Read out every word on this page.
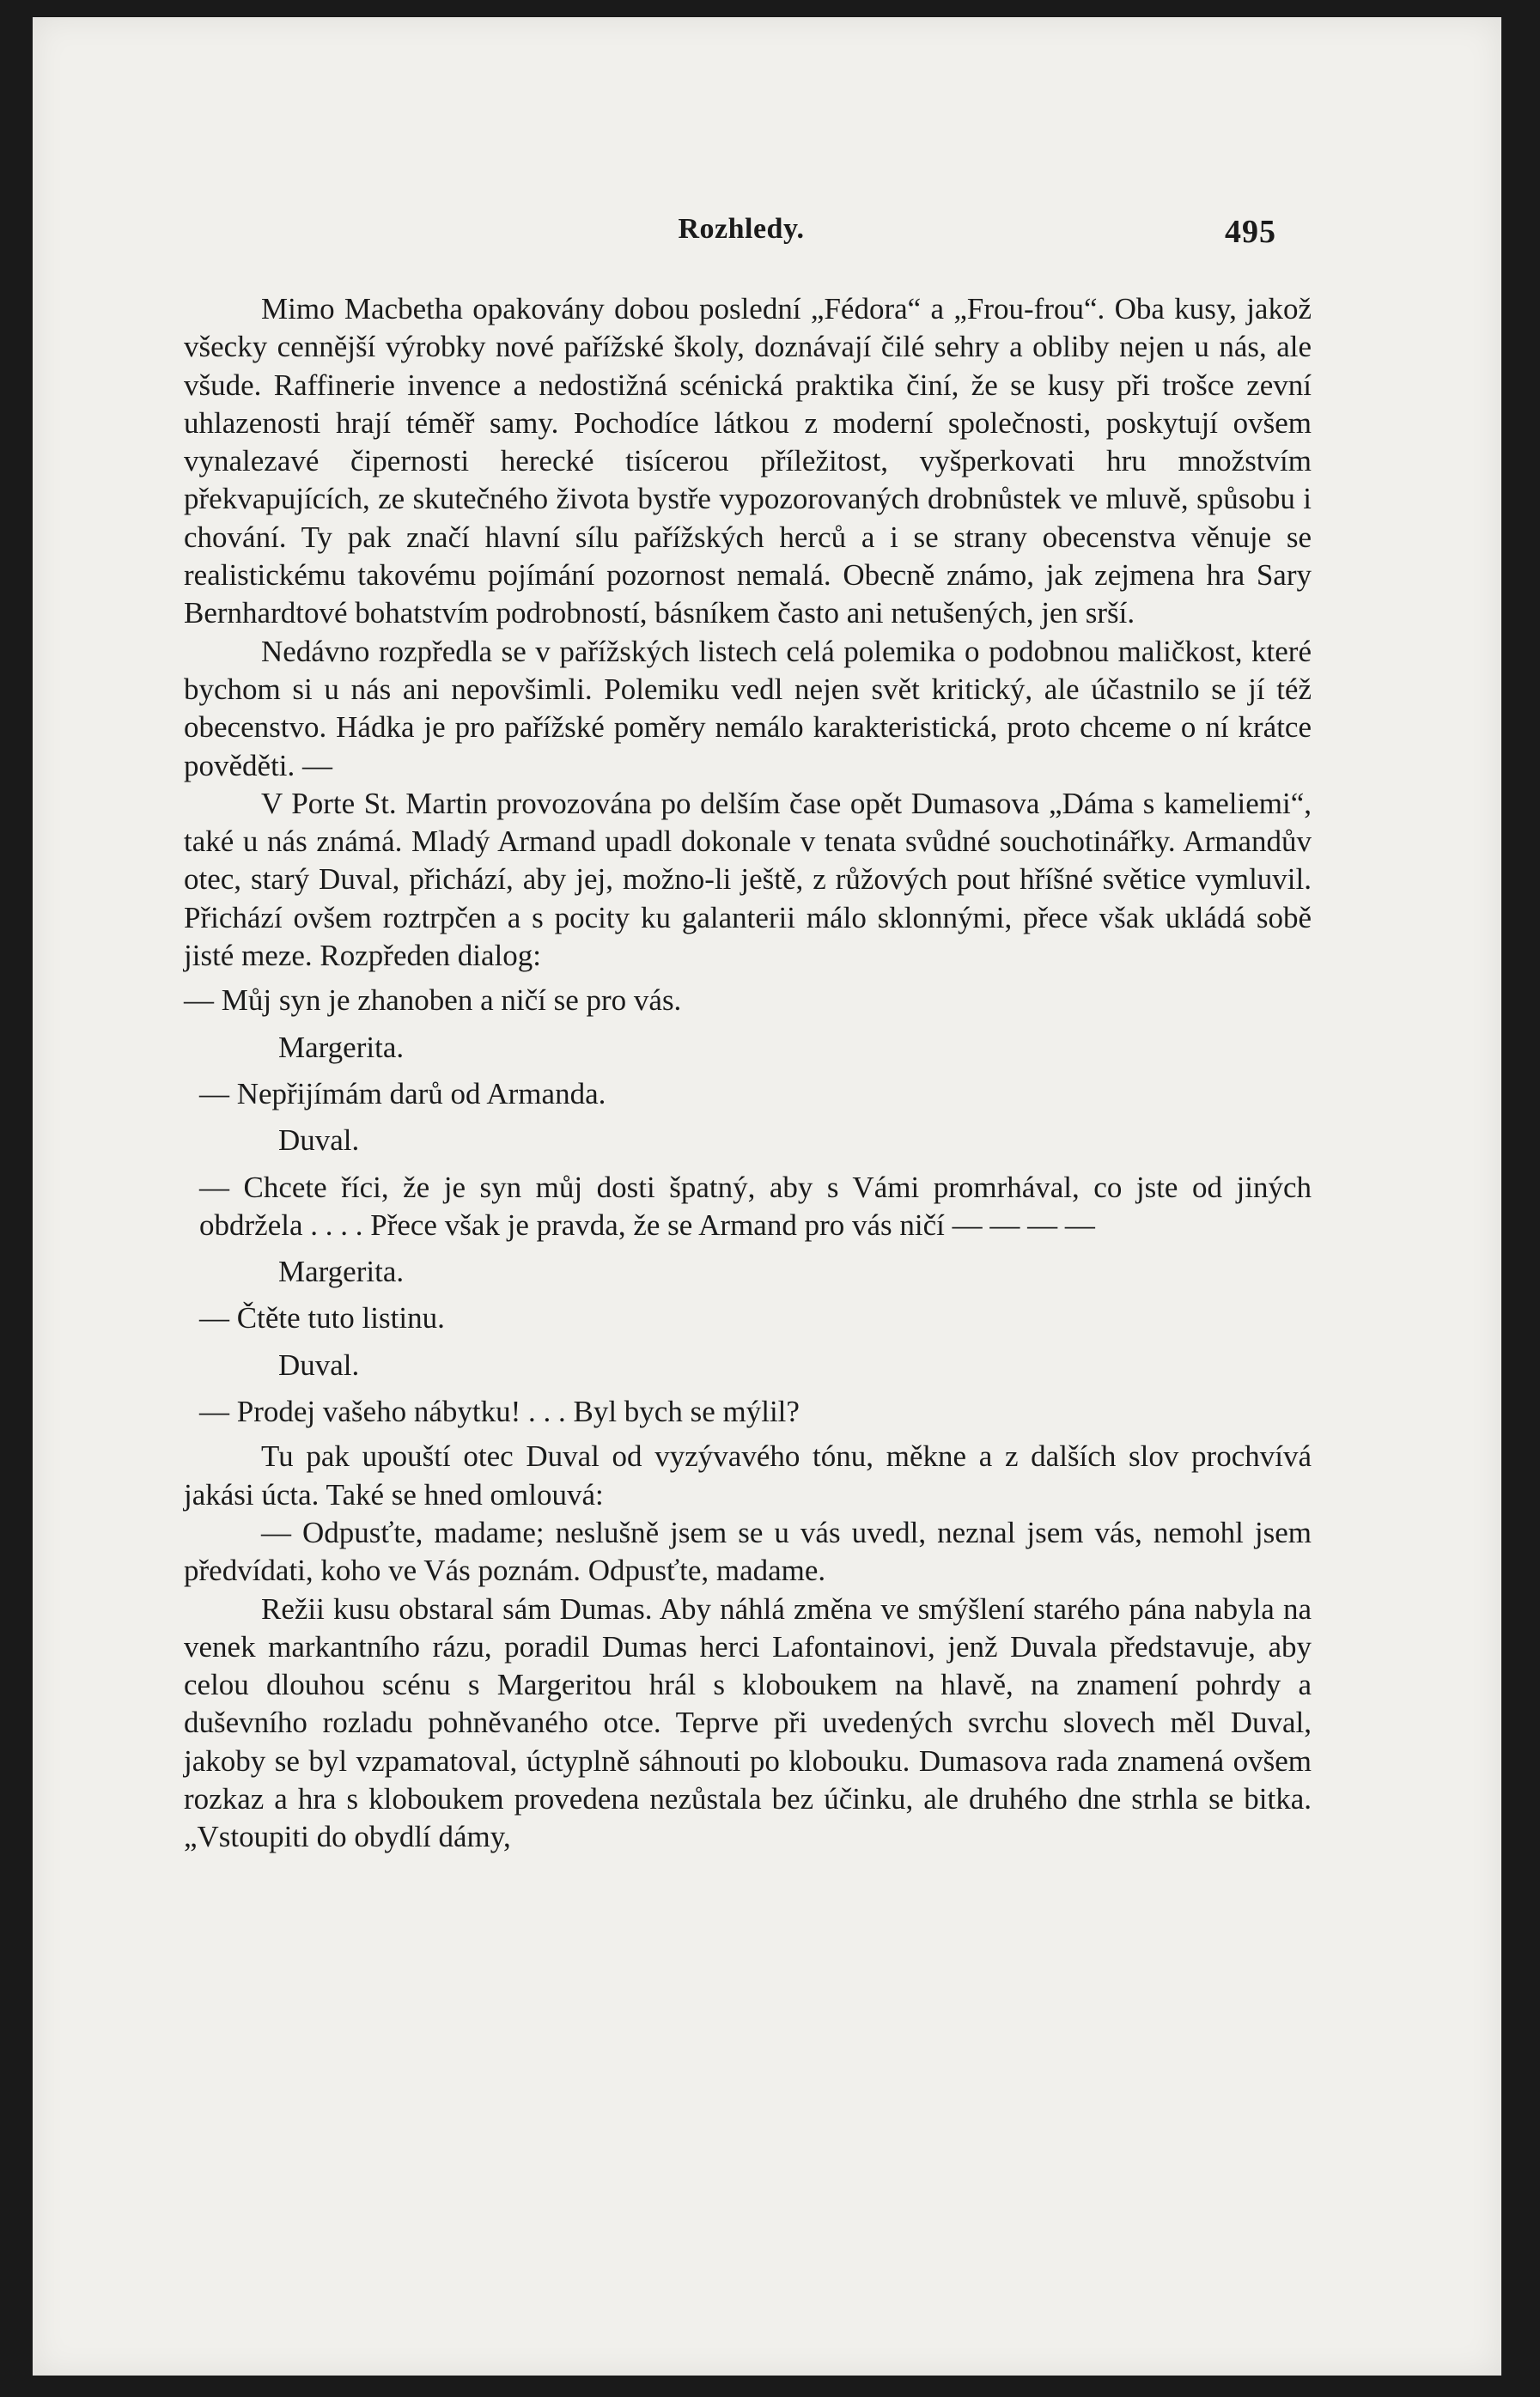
Rozhledy.	495

Mimo Macbetha opakovány dobou poslední „Fédora“ a „Frou-frou“. Oba kusy, jakož všecky cennější výrobky nové pařížské školy, doznávají čilé sehry a obliby nejen u nás, ale všude. Raffinerie invence a nedostižná scénická praktika činí, že se kusy při trošce zevní uhlazenosti hrají téměř samy. Pochodíce látkou z moderní společnosti, poskytují ovšem vynalezavé čipernosti herecké tisícerou příležitost, vyšperkovati hru množstvím překvapujících, ze skutečného života bystře vypozorovaných drobnůstek ve mluvě, spůsobu i chování. Ty pak značí hlavní sílu pařížských herců a i se strany obecenstva věnuje se realistickému takovému pojímání pozornost nemalá. Obecně známo, jak zejmena hra Sary Bernhardtové bohatstvím podrobností, básníkem často ani netušených, jen srší.

Nedávno rozpředla se v pařížských listech celá polemika o podobnou maličkost, které bychom si u nás ani nepovšimli. Polemiku vedl nejen svět kritický, ale účastnilo se jí též obecenstvo. Hádka je pro pařížské poměry nemálo karakteristická, proto chceme o ní krátce pověděti. —

V Porte St. Martin provozována po delším čase opět Dumasova „Dáma s kameliemi“, také u nás známá. Mladý Armand upadl dokonale v tenata svůdné souchotinářky. Armandův otec, starý Duval, přichází, aby jej, možno-li ještě, z růžových pout hříšné světice vymluvil. Přichází ovšem roztrpčen a s pocity ku galanterii málo sklonnými, přece však ukládá sobě jisté meze. Rozpředen dialog:

— Můj syn je zhanoben a ničí se pro vás.

Margerita.

— Nepřijímám darů od Armanda.

Duval.

— Chcete říci, že je syn můj dosti špatný, aby s Vámi promrhával, co jste od jiných obdržela . . . . Přece však je pravda, že se Armand pro vás ničí — — — —

Margerita.

— Čtěte tuto listinu.

Duval.

— Prodej vašeho nábytku! . . . Byl bych se mýlil?

Tu pak upouští otec Duval od vyzývavého tónu, měkne a z dalších slov prochvívá jakási úcta. Také se hned omlouvá:

— Odpusťte, madame; neslušně jsem se u vás uvedl, neznal jsem vás, nemohl jsem předvídati, koho ve Vás poznám. Odpusťte, madame.

Režii kusu obstaral sám Dumas. Aby náhlá změna ve smýšlení starého pána nabyla na venek markantního rázu, poradil Dumas herci Lafontainovi, jenž Duvala představuje, aby celou dlouhou scénu s Margeritou hrál s kloboukem na hlavě, na znamení pohrdy a duševního rozladu pohněvaného otce. Teprve při uvedených svrchu slovech měl Duval, jakoby se byl vzpamatoval, úctyplně sáhnouti po klobouku. Dumasova rada znamená ovšem rozkaz a hra s kloboukem provedena nezůstala bez účinku, ale druhého dne strhla se bitka. „Vstoupiti do obydlí dámy,
